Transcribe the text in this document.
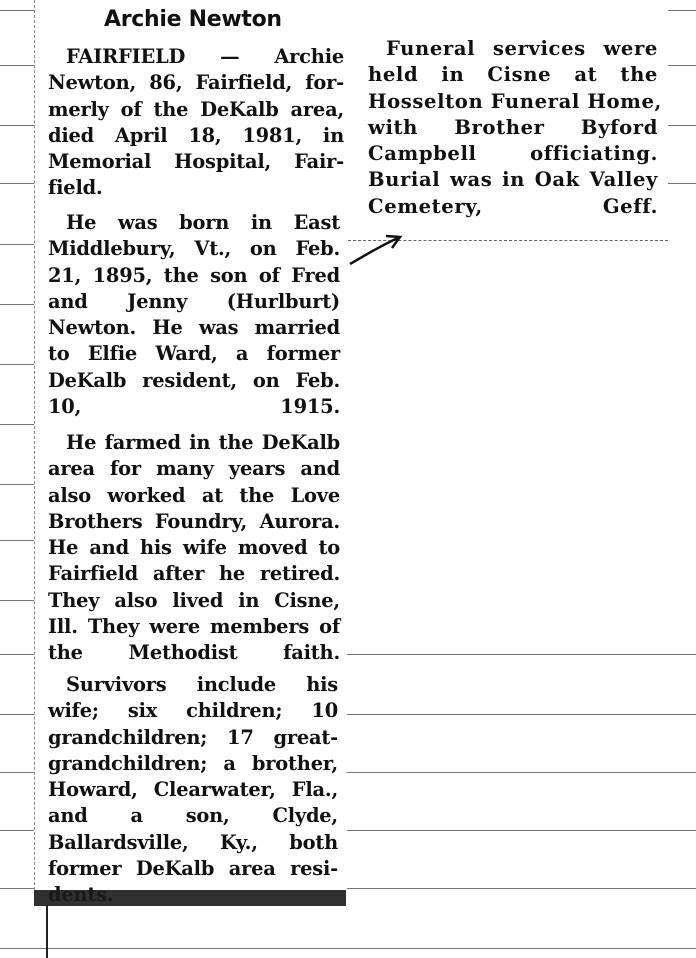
Archie Newton

FAIRFIELD — Archie
Newton, 86, Fairfield, for-
merly of the DeKalb area,
died April 18, 1981, in
Memorial Hospital, Fair-
field.

He was born in East
Middlebury, Vt., on Feb.
21, 1895, the son of Fred
and Jenny (Hurlburt)
Newton. He was married
to Elfie Ward, a former
DeKalb resident, on Feb.
10, 1915.

He farmed in the DeKalb
area for many years and
also worked at the Love
Brothers Foundry, Aurora.
He and his wife moved to
Fairfield after he retired.
They also lived in Cisne,
Ill. They were members of
the Methodist faith.

Survivors include his
wife; six children; 10
grandchildren; 17 great-
grandchildren; a brother,
Howard, Clearwater, Fla.,
and a son, Clyde,
Ballardsville, Ky., both
former DeKalb area resi-

Funeral services were
held in Cisne at the
Hosselton Funeral Home,
with Brother Byford
Campbell officiating.
Burial was in Oak Valley
Cemetery, Geff.
